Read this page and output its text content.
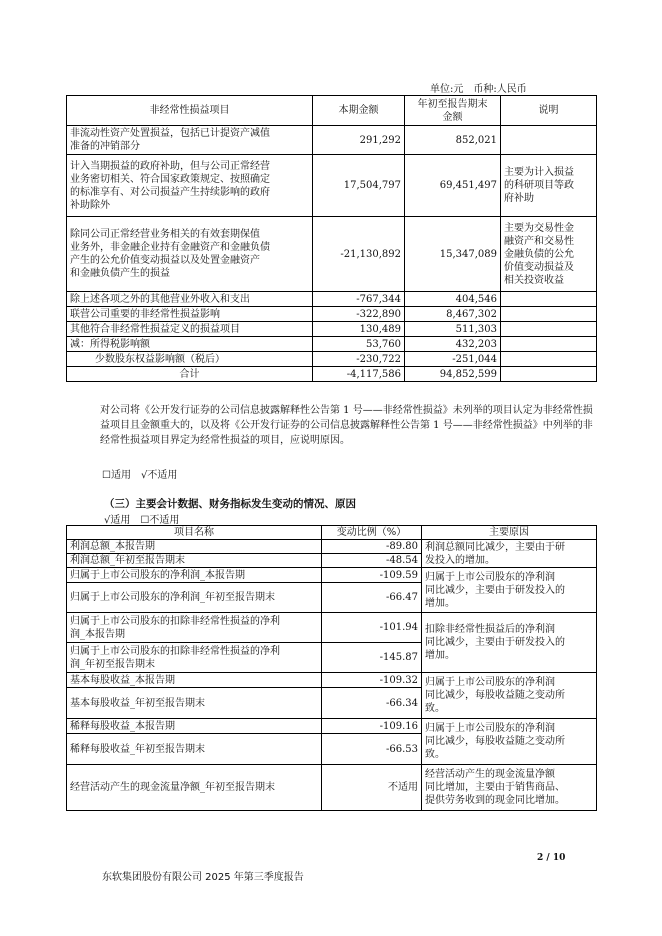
单位:元　币种:人民币
非经常性损益项目	本期金额	年初至报告期末
金额	说明
非流动性资产处置损益，包括已计提资产减值
准备的冲销部分	291,292	852,021	
计入当期损益的政府补助，但与公司正常经营
业务密切相关、符合国家政策规定、按照确定
的标准享有、对公司损益产生持续影响的政府
补助除外	17,504,797	69,451,497	主要为计入损益
的科研项目等政
府补助
除同公司正常经营业务相关的有效套期保值
业务外，非金融企业持有金融资产和金融负债
产生的公允价值变动损益以及处置金融资产
和金融负债产生的损益	-21,130,892	15,347,089	主要为交易性金
融资产和交易性
金融负债的公允
价值变动损益及
相关投资收益
除上述各项之外的其他营业外收入和支出	-767,344	404,546	
联营公司重要的非经常性损益影响	-322,890	8,467,302	
其他符合非经常性损益定义的损益项目	130,489	511,303	
减：所得税影响额	53,760	432,203	
少数股东权益影响额（税后）	-230,722	-251,044	
合计	-4,117,586	94,852,599	

对公司将《公开发行证券的公司信息披露解释性公告第 1 号——非经常性损益》未列举的项目认定为非经常性损益项目且金额重大的，以及将《公开发行证券的公司信息披露解释性公告第 1 号——非经常性损益》中列举的非经常性损益项目界定为经常性损益的项目，应说明原因。

☐适用　√不适用
（三）主要会计数据、财务指标发生变动的情况、原因
√适用　☐不适用
项目名称	变动比例（%）	主要原因
利润总额_本报告期	-89.80	利润总额同比减少，主要由于研
发投入的增加。
利润总额_年初至报告期末	-48.54	
归属于上市公司股东的净利润_本报告期	-109.59	归属于上市公司股东的净利润
同比减少，主要由于研发投入的
增加。
归属于上市公司股东的净利润_年初至报告期末	-66.47	
归属于上市公司股东的扣除非经常性损益的净利
润_本报告期	-101.94	扣除非经常性损益后的净利润
同比减少，主要由于研发投入的
增加。
归属于上市公司股东的扣除非经常性损益的净利
润_年初至报告期末	-145.87	
基本每股收益_本报告期	-109.32	归属于上市公司股东的净利润
同比减少，每股收益随之变动所
致。
基本每股收益_年初至报告期末	-66.34	
稀释每股收益_本报告期	-109.16	归属于上市公司股东的净利润
同比减少，每股收益随之变动所
致。
稀释每股收益_年初至报告期末	-66.53	
经营活动产生的现金流量净额_年初至报告期末	不适用	经营活动产生的现金流量净额
同比增加，主要由于销售商品、
提供劳务收到的现金同比增加。
2 / 10
东软集团股份有限公司 2025 年第三季度报告
